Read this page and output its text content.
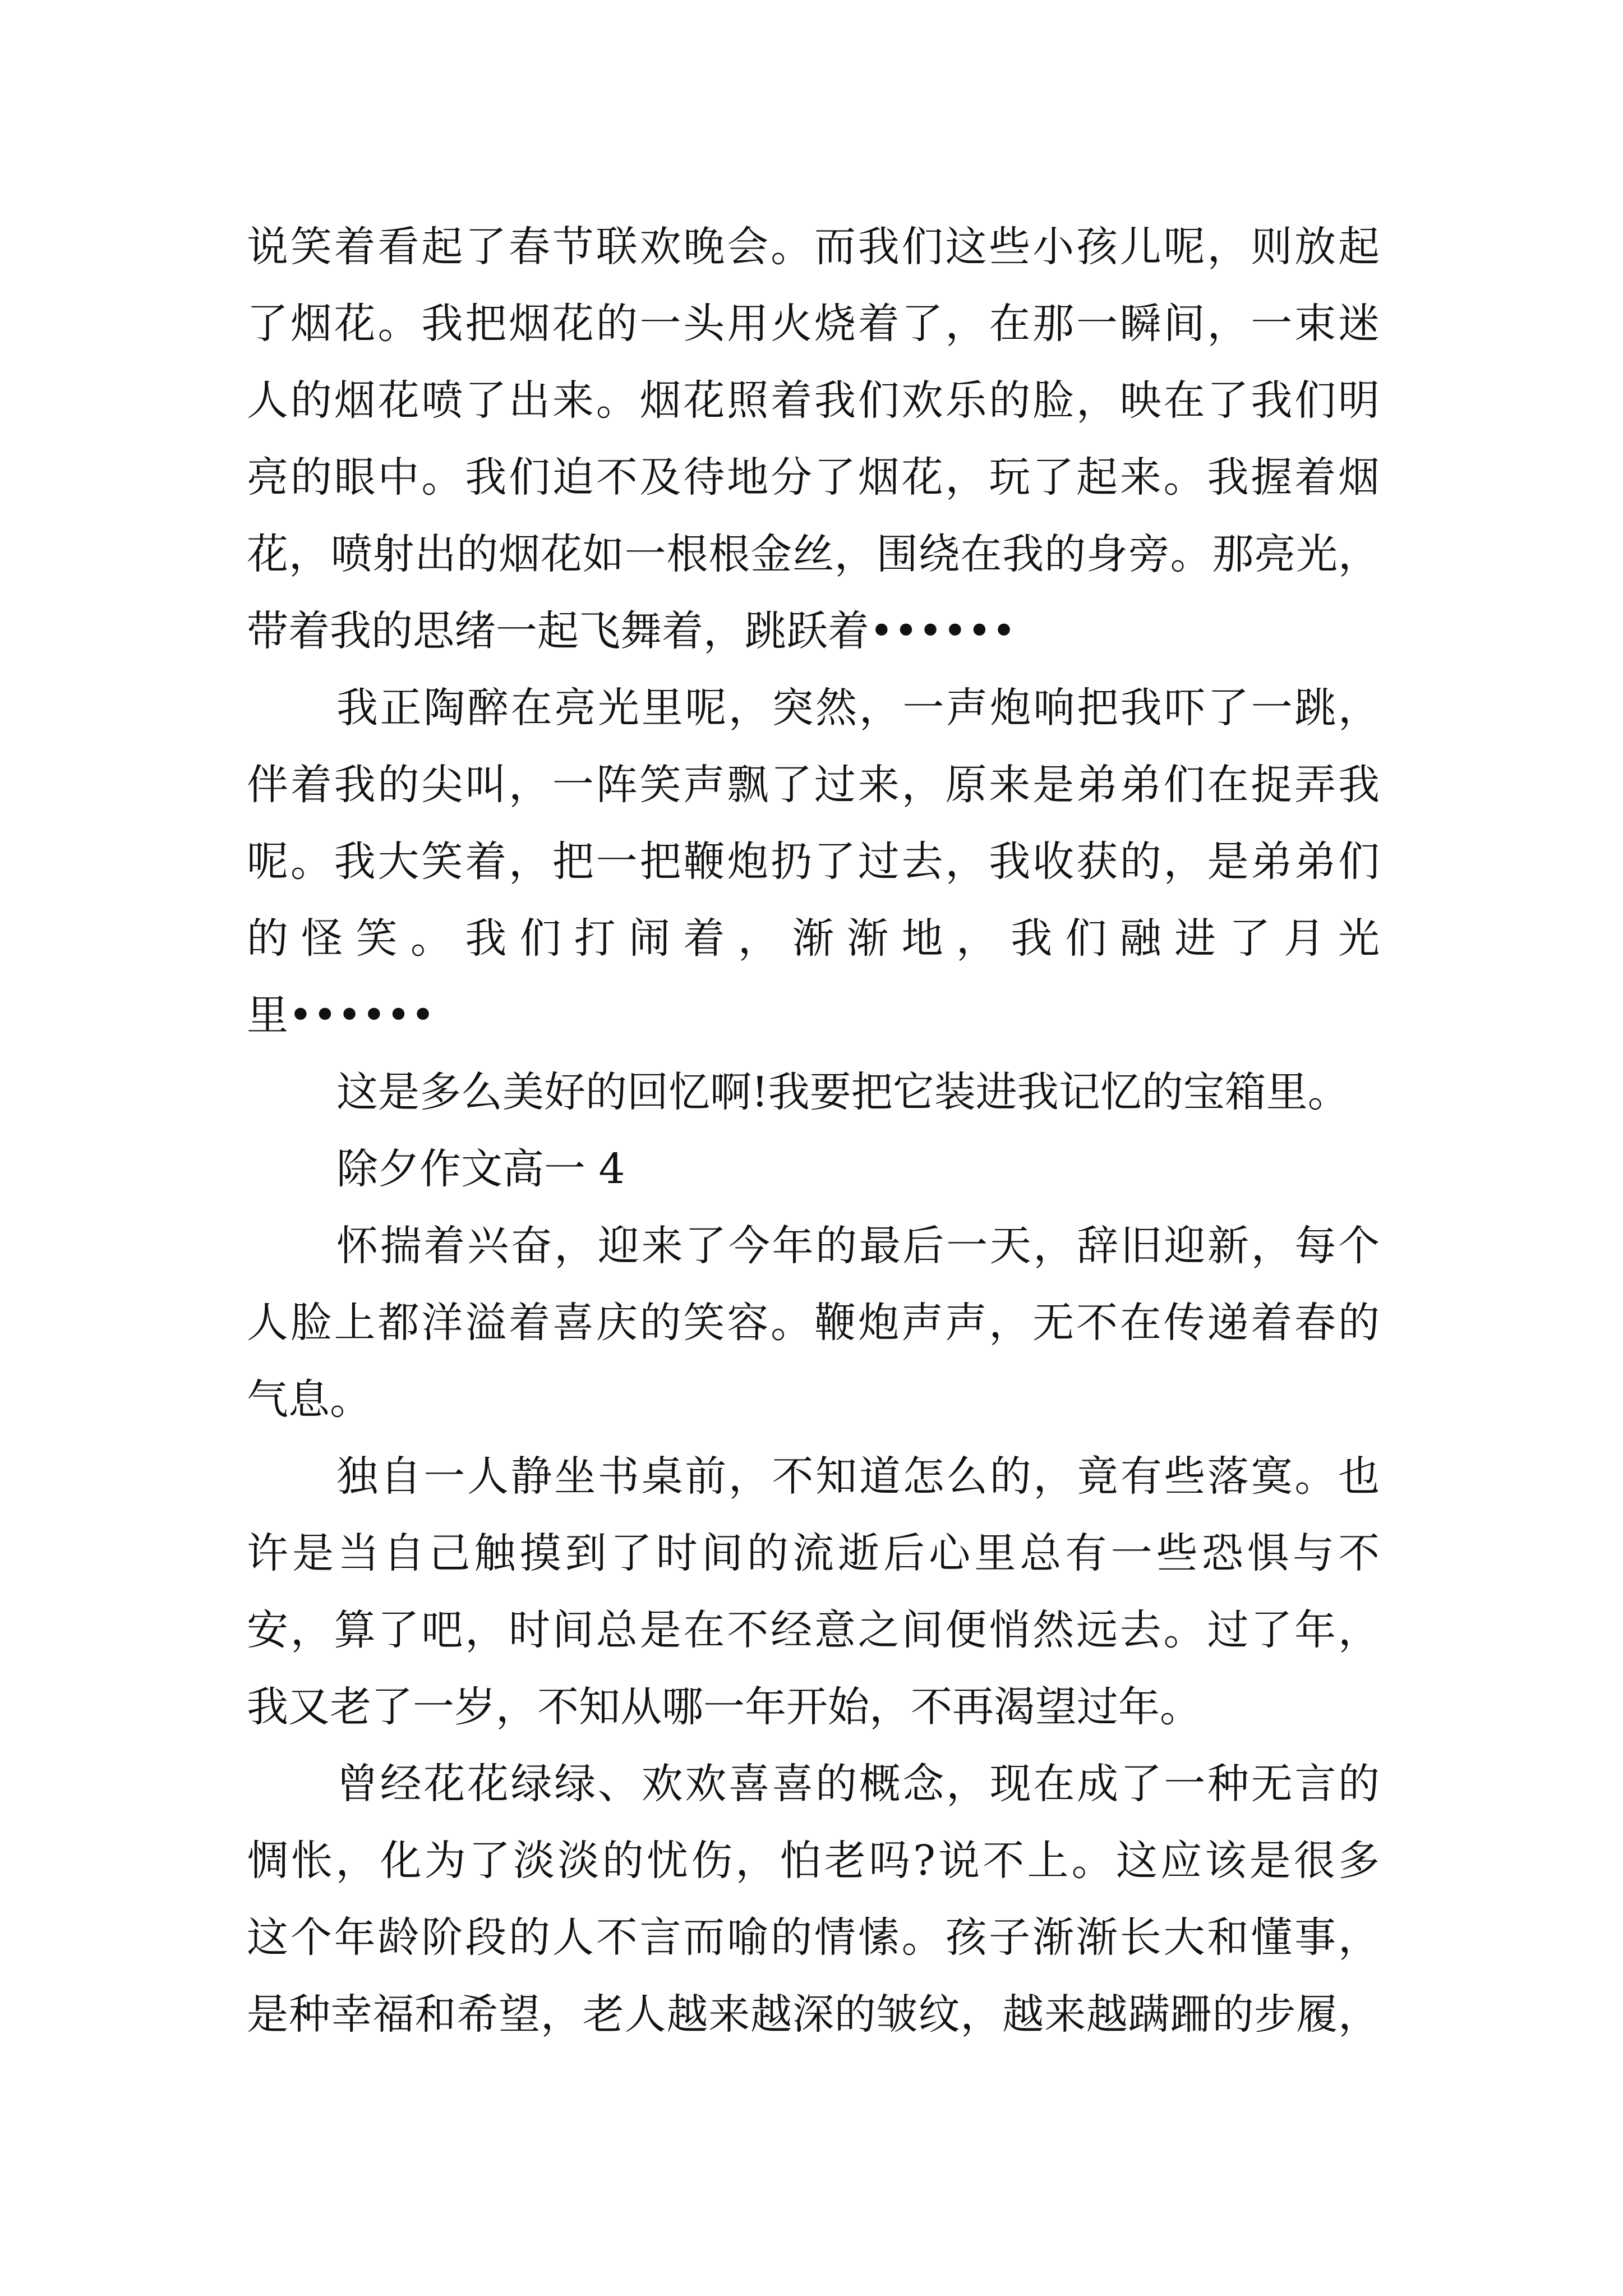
说笑着看起了春节联欢晚会。而我们这些小孩儿呢，则放起
了烟花。我把烟花的一头用火烧着了，在那一瞬间，一束迷
人的烟花喷了出来。烟花照着我们欢乐的脸，映在了我们明
亮的眼中。我们迫不及待地分了烟花，玩了起来。我握着烟
花，喷射出的烟花如一根根金丝，围绕在我的身旁。那亮光，
带着我的思绪一起飞舞着，跳跃着••••••
我正陶醉在亮光里呢，突然，一声炮响把我吓了一跳，
伴着我的尖叫，一阵笑声飘了过来，原来是弟弟们在捉弄我
呢。我大笑着，把一把鞭炮扔了过去，我收获的，是弟弟们
的怪笑。我们打闹着，渐渐地，我们融进了月光
里••••••
这是多么美好的回忆啊!我要把它装进我记忆的宝箱里。
除夕作文高一 4
怀揣着兴奋，迎来了今年的最后一天，辞旧迎新，每个
人脸上都洋溢着喜庆的笑容。鞭炮声声，无不在传递着春的
气息。
独自一人静坐书桌前，不知道怎么的，竟有些落寞。也
许是当自己触摸到了时间的流逝后心里总有一些恐惧与不
安，算了吧，时间总是在不经意之间便悄然远去。过了年，
我又老了一岁，不知从哪一年开始，不再渴望过年。
曾经花花绿绿、欢欢喜喜的概念，现在成了一种无言的
惆怅，化为了淡淡的忧伤，怕老吗?说不上。这应该是很多
这个年龄阶段的人不言而喻的情愫。孩子渐渐长大和懂事，
是种幸福和希望，老人越来越深的皱纹，越来越蹒跚的步履，
